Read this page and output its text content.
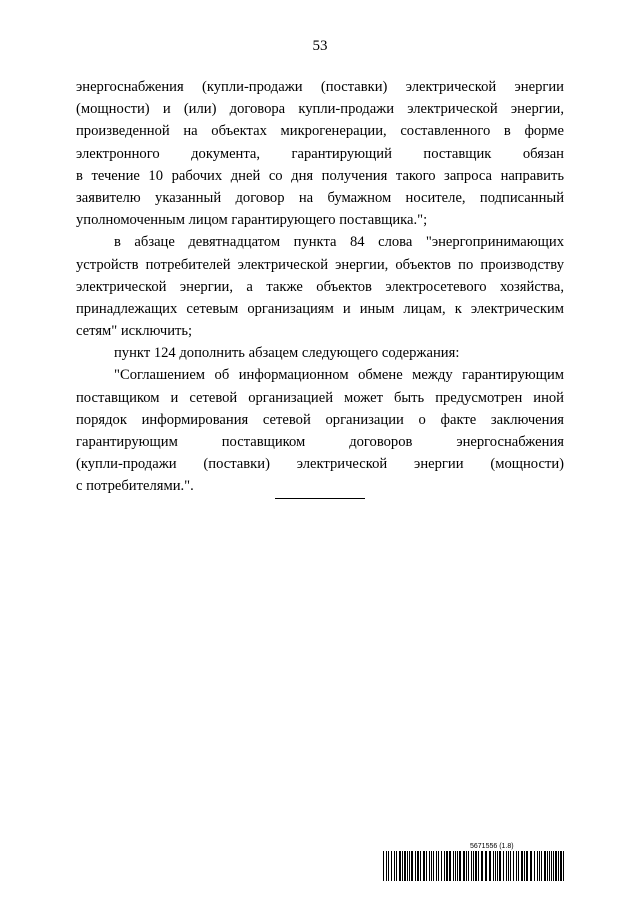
53
энергоснабжения (купли-продажи (поставки) электрической энергии
(мощности) и (или) договора купли-продажи электрической энергии,
произведенной на объектах микрогенерации, составленного в форме
электронного документа, гарантирующий поставщик обязан
в течение 10 рабочих дней со дня получения такого запроса направить
заявителю указанный договор на бумажном носителе, подписанный
уполномоченным лицом гарантирующего поставщика.";
в абзаце девятнадцатом пункта 84 слова "энергопринимающих
устройств потребителей электрической энергии, объектов по производству
электрической энергии, а также объектов электросетевого хозяйства,
принадлежащих сетевым организациям и иным лицам, к электрическим
сетям" исключить;
пункт 124 дополнить абзацем следующего содержания:
"Соглашением об информационном обмене между гарантирующим
поставщиком и сетевой организацией может быть предусмотрен иной
порядок информирования сетевой организации о факте заключения
гарантирующим поставщиком договоров энергоснабжения
(купли-продажи (поставки) электрической энергии (мощности)
с потребителями.".
5671556 (1.8)
